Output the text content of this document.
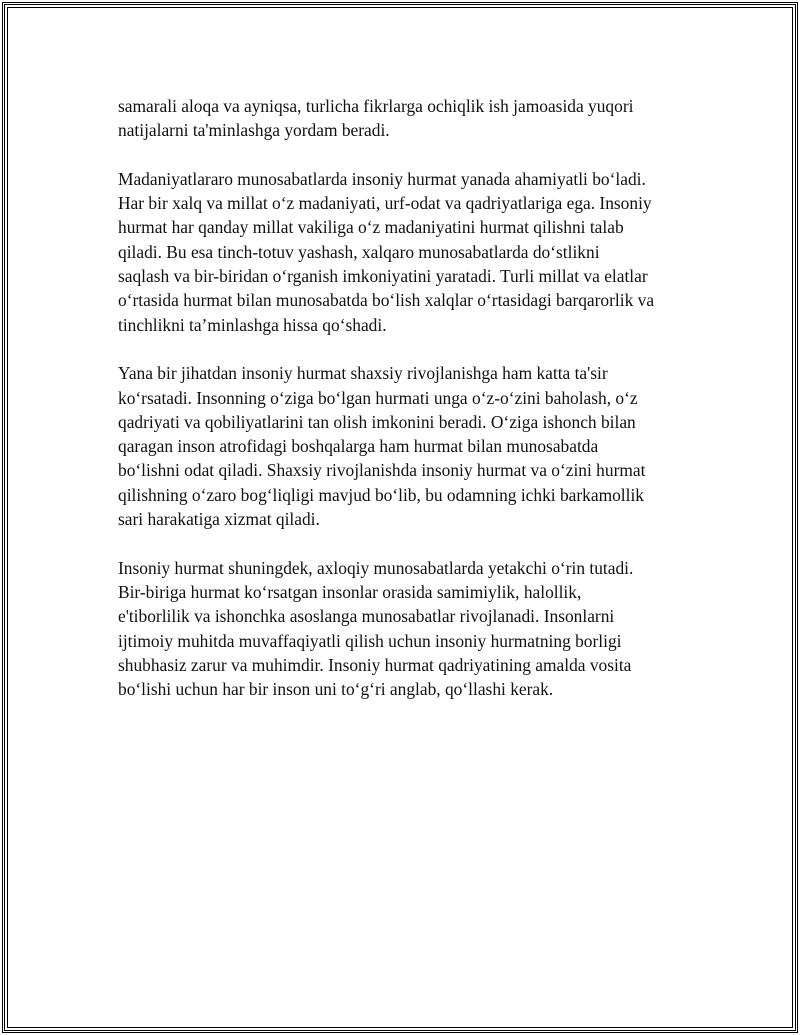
samarali aloqa va ayniqsa, turlicha fikrlarga ochiqlik ish jamoasida yuqori
natijalarni ta'minlashga yordam beradi.

Madaniyatlararo munosabatlarda insoniy hurmat yanada ahamiyatli boʻladi.
Har bir xalq va millat oʻz madaniyati, urf-odat va qadriyatlariga ega. Insoniy
hurmat har qanday millat vakiliga oʻz madaniyatini hurmat qilishni talab
qiladi. Bu esa tinch-totuv yashash, xalqaro munosabatlarda doʻstlikni
saqlash va bir-biridan oʻrganish imkoniyatini yaratadi. Turli millat va elatlar
oʻrtasida hurmat bilan munosabatda boʻlish xalqlar oʻrtasidagi barqarorlik va
tinchlikni taʼminlashga hissa qoʻshadi.

Yana bir jihatdan insoniy hurmat shaxsiy rivojlanishga ham katta ta'sir
koʻrsatadi. Insonning oʻziga boʻlgan hurmati unga oʻz-oʻzini baholash, oʻz
qadriyati va qobiliyatlarini tan olish imkonini beradi. Oʻziga ishonch bilan
qaragan inson atrofidagi boshqalarga ham hurmat bilan munosabatda
boʻlishni odat qiladi. Shaxsiy rivojlanishda insoniy hurmat va oʻzini hurmat
qilishning oʻzaro bogʻliqligi mavjud boʻlib, bu odamning ichki barkamollik
sari harakatiga xizmat qiladi.

Insoniy hurmat shuningdek, axloqiy munosabatlarda yetakchi oʻrin tutadi.
Bir-biriga hurmat koʻrsatgan insonlar orasida samimiylik, halollik,
e'tiborlilik va ishonchka asoslanga munosabatlar rivojlanadi. Insonlarni
ijtimoiy muhitda muvaffaqiyatli qilish uchun insoniy hurmatning borligi
shubhasiz zarur va muhimdir. Insoniy hurmat qadriyatining amalda vosita
boʻlishi uchun har bir inson uni toʻgʻri anglab, qoʻllashi kerak.
